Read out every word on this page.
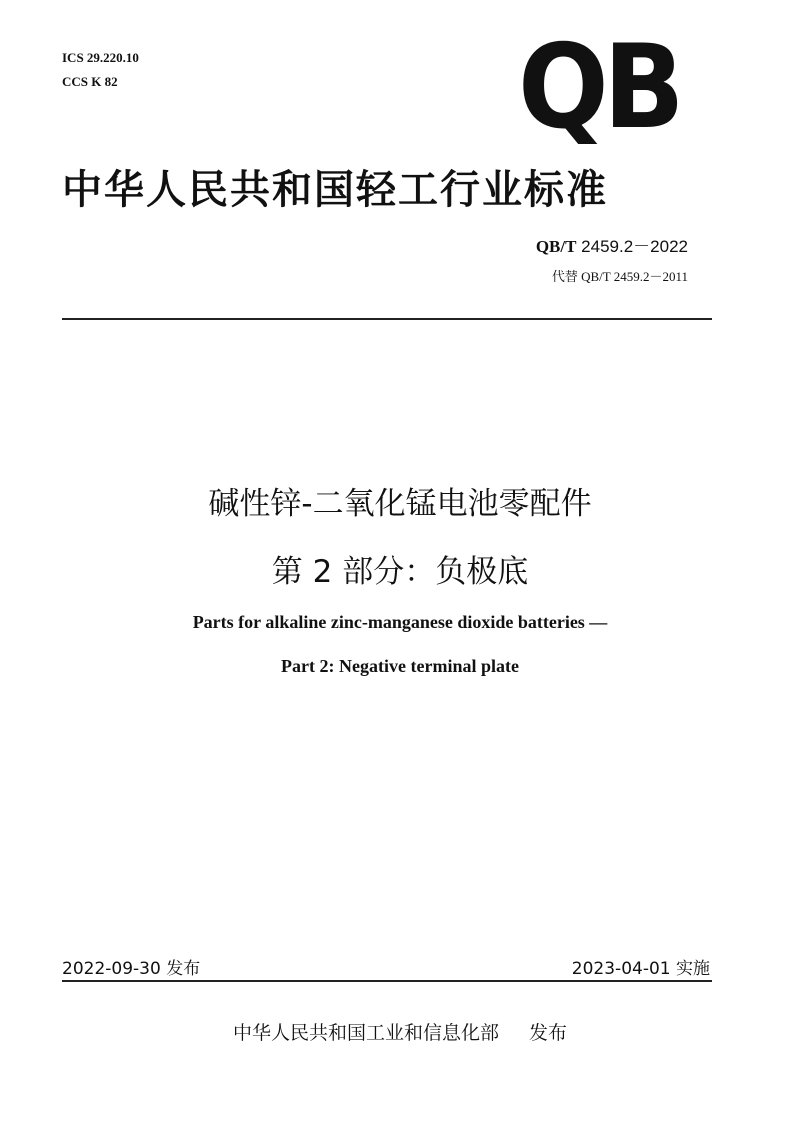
ICS 29.220.10
CCS K 82	QB
中华人民共和国轻工行业标准
QB/T 2459.2－2022
代替 QB/T 2459.2－2011
碱性锌-二氧化锰电池零配件
第 2 部分：负极底
Parts for alkaline zinc-manganese dioxide batteries —
Part 2: Negative terminal plate
2022-09-30 发布	2023-04-01 实施
中华人民共和国工业和信息化部 发布
